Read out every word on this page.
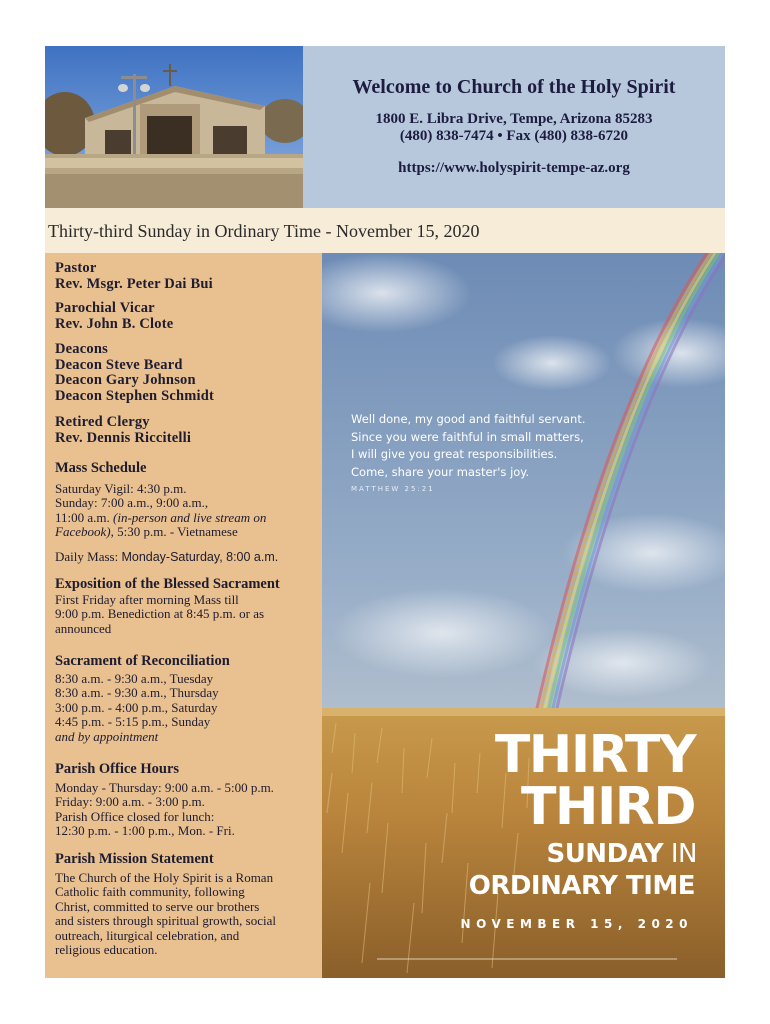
Welcome to Church of the Holy Spirit
1800 E. Libra Drive, Tempe, Arizona 85283
(480) 838-7474 • Fax (480) 838-6720
https://www.holyspirit-tempe-az.org
Thirty-third Sunday in Ordinary Time - November 15, 2020
Pastor
Rev. Msgr. Peter Dai Bui
Parochial Vicar
Rev. John B. Clote
Deacons
Deacon Steve Beard
Deacon Gary Johnson
Deacon Stephen Schmidt
Retired Clergy
Rev. Dennis Riccitelli
Mass Schedule
Saturday Vigil: 4:30 p.m.
Sunday: 7:00 a.m., 9:00 a.m.,
11:00 a.m. (in-person and live stream on
Facebook), 5:30 p.m. - Vietnamese
Daily Mass: Monday-Saturday, 8:00 a.m.
Exposition of the Blessed Sacrament
First Friday after morning Mass till
9:00 p.m. Benediction at 8:45 p.m. or as
announced
Sacrament of Reconciliation
8:30 a.m. - 9:30 a.m., Tuesday
8:30 a.m. - 9:30 a.m., Thursday
3:00 p.m. - 4:00 p.m., Saturday
4:45 p.m. - 5:15 p.m., Sunday
and by appointment
Parish Office Hours
Monday - Thursday: 9:00 a.m. - 5:00 p.m.
Friday: 9:00 a.m. - 3:00 p.m.
Parish Office closed for lunch:
12:30 p.m. - 1:00 p.m., Mon. - Fri.
Parish Mission Statement
The Church of the Holy Spirit is a Roman
Catholic faith community, following
Christ, committed to serve our brothers
and sisters through spiritual growth, social
outreach, liturgical celebration, and
religious education.
Well done, my good and faithful servant.
Since you were faithful in small matters,
I will give you great responsibilities.
Come, share your master's joy.
MATTHEW 25:21
THIRTY
THIRD
SUNDAY IN
ORDINARY TIME
NOVEMBER 15, 2020
